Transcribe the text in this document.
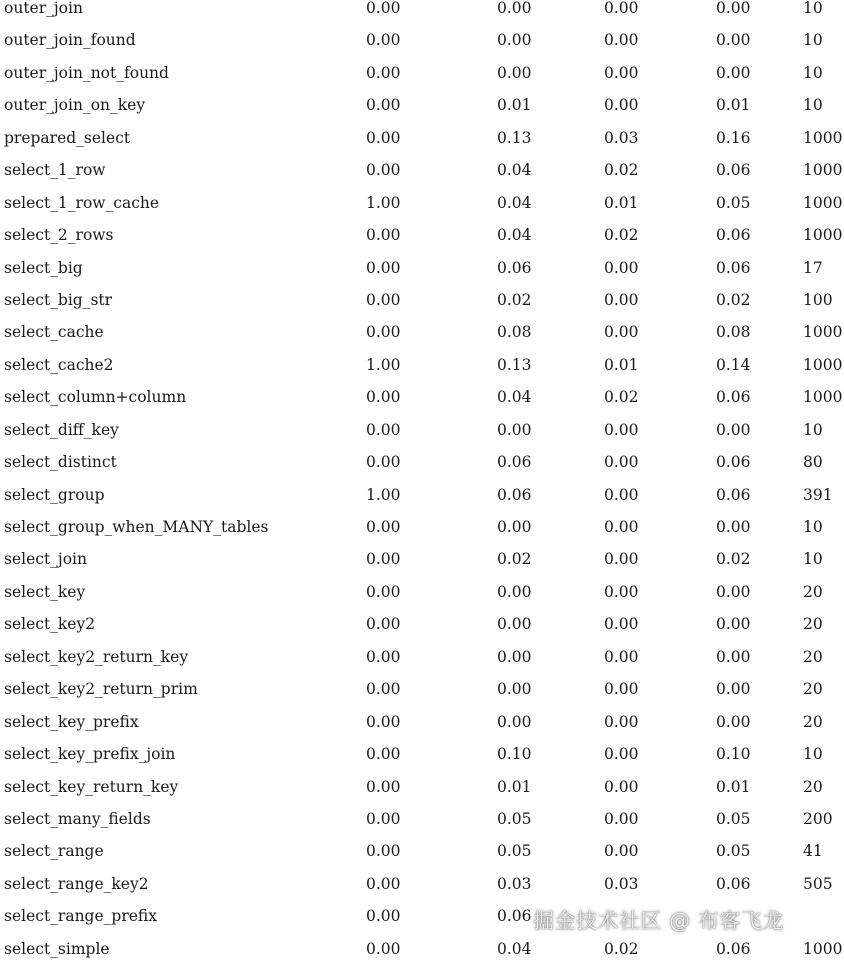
outer_join	0.00	0.00	0.00	0.00	10
outer_join_found	0.00	0.00	0.00	0.00	10
outer_join_not_found	0.00	0.00	0.00	0.00	10
outer_join_on_key	0.00	0.01	0.00	0.01	10
prepared_select	0.00	0.13	0.03	0.16	1000
select_1_row	0.00	0.04	0.02	0.06	1000
select_1_row_cache	1.00	0.04	0.01	0.05	1000
select_2_rows	0.00	0.04	0.02	0.06	1000
select_big	0.00	0.06	0.00	0.06	17
select_big_str	0.00	0.02	0.00	0.02	100
select_cache	0.00	0.08	0.00	0.08	1000
select_cache2	1.00	0.13	0.01	0.14	1000
select_column+column	0.00	0.04	0.02	0.06	1000
select_diff_key	0.00	0.00	0.00	0.00	10
select_distinct	0.00	0.06	0.00	0.06	80
select_group	1.00	0.06	0.00	0.06	391
select_group_when_MANY_tables	0.00	0.00	0.00	0.00	10
select_join	0.00	0.02	0.00	0.02	10
select_key	0.00	0.00	0.00	0.00	20
select_key2	0.00	0.00	0.00	0.00	20
select_key2_return_key	0.00	0.00	0.00	0.00	20
select_key2_return_prim	0.00	0.00	0.00	0.00	20
select_key_prefix	0.00	0.00	0.00	0.00	20
select_key_prefix_join	0.00	0.10	0.00	0.10	10
select_key_return_key	0.00	0.01	0.00	0.01	20
select_many_fields	0.00	0.05	0.00	0.05	200
select_range	0.00	0.05	0.00	0.05	41
select_range_key2	0.00	0.03	0.03	0.06	505
select_range_prefix	0.00	0.06
select_simple	0.00	0.04	0.02	0.06	1000
掘金技术社区 @ 布客飞龙
